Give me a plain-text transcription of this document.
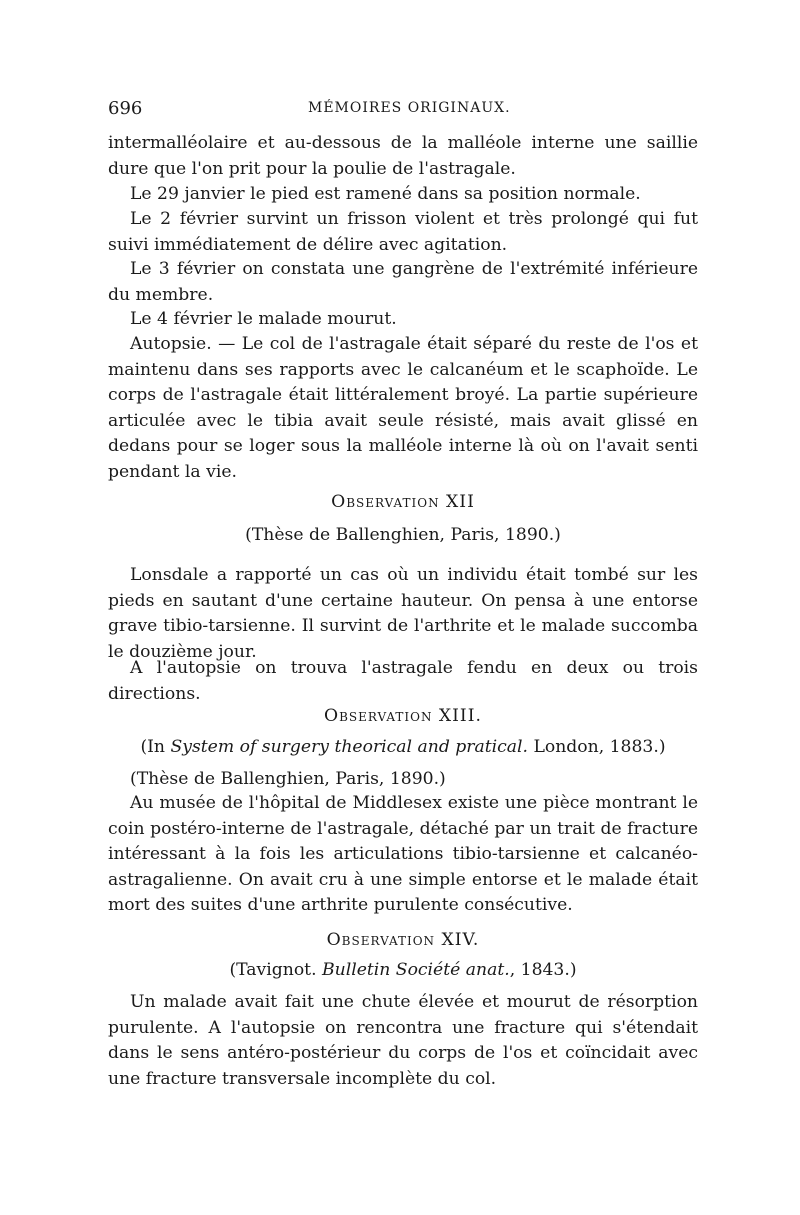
696	MÉMOIRES ORIGINAUX.

intermalléolaire et au-dessous de la malléole interne une saillie dure que l'on prit pour la poulie de l'astragale.

Le 29 janvier le pied est ramené dans sa position normale.

Le 2 février survint un frisson violent et très prolongé qui fut suivi immédiatement de délire avec agitation.

Le 3 février on constata une gangrène de l'extrémité inférieure du membre.

Le 4 février le malade mourut.

Autopsie. — Le col de l'astragale était séparé du reste de l'os et maintenu dans ses rapports avec le calcanéum et le scaphoïde. Le corps de l'astragale était littéralement broyé. La partie supérieure articulée avec le tibia avait seule résisté, mais avait glissé en dedans pour se loger sous la malléole interne là où on l'avait senti pendant la vie.

Observation XII

(Thèse de Ballenghien, Paris, 1890.)

Lonsdale a rapporté un cas où un individu était tombé sur les pieds en sautant d'une certaine hauteur. On pensa à une entorse grave tibio-tarsienne. Il survint de l'arthrite et le malade succomba le douzième jour.

A l'autopsie on trouva l'astragale fendu en deux ou trois directions.

Observation XIII.

(In System of surgery theorical and pratical. London, 1883.)

(Thèse de Ballenghien, Paris, 1890.)

Au musée de l'hôpital de Middlesex existe une pièce montrant le coin postéro-interne de l'astragale, détaché par un trait de fracture intéressant à la fois les articulations tibio-tarsienne et calcanéo-astragalienne. On avait cru à une simple entorse et le malade était mort des suites d'une arthrite purulente consécutive.

Observation XIV.

(Tavignot. Bulletin Société anat., 1843.)

Un malade avait fait une chute élevée et mourut de résorption purulente. A l'autopsie on rencontra une fracture qui s'étendait dans le sens antéro-postérieur du corps de l'os et coïncidait avec une fracture transversale incomplète du col.
